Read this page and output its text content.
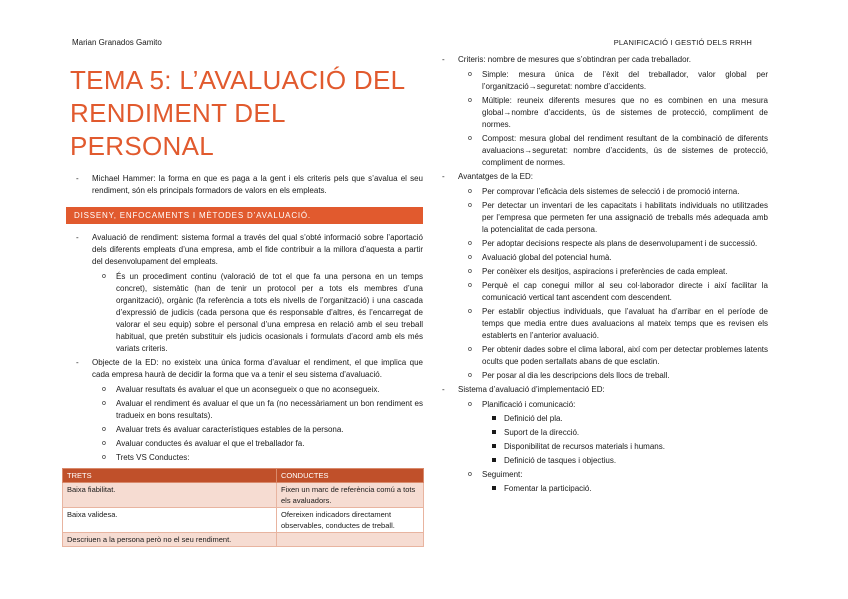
Marian Granados Gamito	PLANIFICACIÓ I GESTIÓ DELS RRHH
TEMA 5: L’AVALUACIÓ DEL
RENDIMENT DEL PERSONAL
- Michael Hammer: la forma en que es paga a la gent i els criteris pels que s’avalua el seu rendiment, són els principals formadors de valors en els empleats.
DISSENY, ENFOCAMENTS I MÈTODES D’AVALUACIÓ.
- Avaluació de rendiment: sistema formal a través del qual s’obté informació sobre l’aportació dels diferents empleats d’una empresa, amb el fide contribuir a la millora d’aquesta a partir del desenvolupament del empleats.
o És un procediment continu (valoració de tot el que fa una persona en un temps concret), sistemàtic (han de tenir un protocol per a tots els membres d’una organització), orgànic (fa referència a tots els nivells de l’organització) i una cascada d’expressió de judicis (cada persona que és responsable d’altres, és l’encarregat de valorar el seu equip) sobre el personal d’una empresa en relació amb el seu treball habitual, que pretén substituir els judicis ocasionals i formulats d’acord amb els més variats criteris.
- Objecte de la ED: no existeix una única forma d’avaluar el rendiment, el que implica que cada empresa haurà de decidir la forma que va a tenir el seu sistema d’avaluació.
o Avaluar resultats és avaluar el que un aconsegueix o que no aconsegueix.
o Avaluar el rendiment és avaluar el que un fa (no necessàriament un bon rendiment es tradueix en bons resultats).
o Avaluar trets és avaluar característiques estables de la persona.
o Avaluar conductes és avaluar el que el treballador fa.
o Trets VS Conductes:
TRETS	CONDUCTES
Baixa fiabilitat.	Fixen un marc de referència comú a tots els avaluadors.
Baixa validesa.	Ofereixen indicadors directament observables, conductes de treball.
Descriuen a la persona però no el seu rendiment.	
- Criteris: nombre de mesures que s’obtindran per cada treballador.
o Simple: mesura única de l’èxit del treballador, valor global per l’organització→seguretat: nombre d’accidents.
o Múltiple: reuneix diferents mesures que no es combinen en una mesura global→nombre d’accidents, ús de sistemes de protecció, compliment de normes.
o Compost: mesura global del rendiment resultant de la combinació de diferents avaluacions→seguretat: nombre d’accidents, ús de sistemes de protecció, compliment de normes.
- Avantatges de la ED:
o Per comprovar l’eficàcia dels sistemes de selecció i de promoció interna.
o Per detectar un inventari de les capacitats i habilitats individuals no utilitzades per l’empresa que permeten fer una assignació de treballs més adequada amb la potencialitat de cada persona.
o Per adoptar decisions respecte als plans de desenvolupament i de successió.
o Avaluació global del potencial humà.
o Per conèixer els desitjos, aspiracions i preferències de cada empleat.
o Perquè el cap conegui millor al seu col·laborador directe i així facilitar la comunicació vertical tant ascendent com descendent.
o Per establir objectius individuals, que l’avaluat ha d’arribar en el període de temps que media entre dues avaluacions al mateix temps que es revisen els establerts en l’anterior avaluació.
o Per obtenir dades sobre el clima laboral, així com per detectar problemes latents ocults que poden sertallats abans de que esclatin.
o Per posar al dia les descripcions dels llocs de treball.
- Sistema d’avaluació d’implementació ED:
o Planificació i comunicació:
Definició del pla.
Suport de la direcció.
Disponibilitat de recursos materials i humans.
Definició de tasques i objectius.
o Seguiment:
Fomentar la participació.
